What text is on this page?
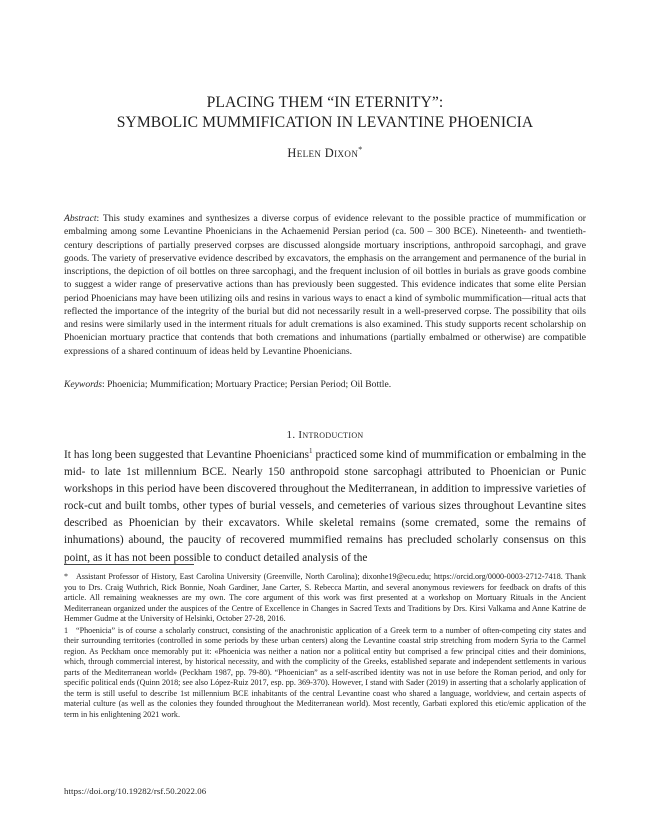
PLACING THEM “IN ETERNITY”:
SYMBOLIC MUMMIFICATION IN LEVANTINE PHOENICIA
Helen Dixon*

Abstract: This study examines and synthesizes a diverse corpus of evidence relevant to the possible practice of mummification or embalming among some Levantine Phoenicians in the Achaemenid Persian period (ca. 500 – 300 BCE). Nineteenth- and twentieth-century descriptions of partially preserved corpses are discussed alongside mortuary inscriptions, anthropoid sarcophagi, and grave goods. The variety of preservative evidence described by excavators, the emphasis on the arrangement and permanence of the burial in inscriptions, the depiction of oil bottles on three sarcophagi, and the frequent inclusion of oil bottles in burials as grave goods combine to suggest a wider range of preservative actions than has previously been suggested. This evidence indicates that some elite Persian period Phoenicians may have been utilizing oils and resins in various ways to enact a kind of symbolic mummification—ritual acts that reflected the importance of the integrity of the burial but did not necessarily result in a well-preserved corpse. The possibility that oils and resins were similarly used in the interment rituals for adult cremations is also examined. This study supports recent scholarship on Phoenician mortuary practice that contends that both cremations and inhumations (partially embalmed or otherwise) are compatible expressions of a shared continuum of ideas held by Levantine Phoenicians.

Keywords: Phoenicia; Mummification; Mortuary Practice; Persian Period; Oil Bottle.

1. Introduction

It has long been suggested that Levantine Phoenicians$^1$ practiced some kind of mummification or embalming in the mid- to late 1st millennium BCE. Nearly 150 anthropoid stone sarcophagi attributed to Phoenician or Punic workshops in this period have been discovered throughout the Mediterranean, in addition to impressive varieties of rock-cut and built tombs, other types of burial vessels, and cemeteries of various sizes throughout Levantine sites described as Phoenician by their excavators. While skeletal remains (some cremated, some the remains of inhumations) abound, the paucity of recovered mummified remains has precluded scholarly consensus on this point, as it has not been possible to conduct detailed analysis of the

* Assistant Professor of History, East Carolina University (Greenville, North Carolina); dixonhe19@ecu.edu; https://orcid.org/0000-0003-2712-7418. Thank you to Drs. Craig Wuthrich, Rick Bonnie, Noah Gardiner, Jane Carter, S. Rebecca Martin, and several anonymous reviewers for feedback on drafts of this article. All remaining weaknesses are my own. The core argument of this work was first presented at a workshop on Mortuary Rituals in the Ancient Mediterranean organized under the auspices of the Centre of Excellence in Changes in Sacred Texts and Traditions by Drs. Kirsi Valkama and Anne Katrine de Hemmer Gudme at the University of Helsinki, October 27-28, 2016.

1 “Phoenicia” is of course a scholarly construct, consisting of the anachronistic application of a Greek term to a number of often-competing city states and their surrounding territories (controlled in some periods by these urban centers) along the Levantine coastal strip stretching from modern Syria to the Carmel region. As Peckham once memorably put it: «Phoenicia was neither a nation nor a political entity but comprised a few principal cities and their dominions, which, through commercial interest, by historical necessity, and with the complicity of the Greeks, established separate and independent settlements in various parts of the Mediterranean world» (Peckham 1987, pp. 79-80). “Phoenician” as a self-ascribed identity was not in use before the Roman period, and only for specific political ends (Quinn 2018; see also López-Ruiz 2017, esp. pp. 369-370). However, I stand with Sader (2019) in asserting that a scholarly application of the term is still useful to describe 1st millennium BCE inhabitants of the central Levantine coast who shared a language, worldview, and certain aspects of material culture (as well as the colonies they founded throughout the Mediterranean world). Most recently, Garbati explored this etic/emic application of the term in his enlightening 2021 work.

https://doi.org/10.19282/rsf.50.2022.06
